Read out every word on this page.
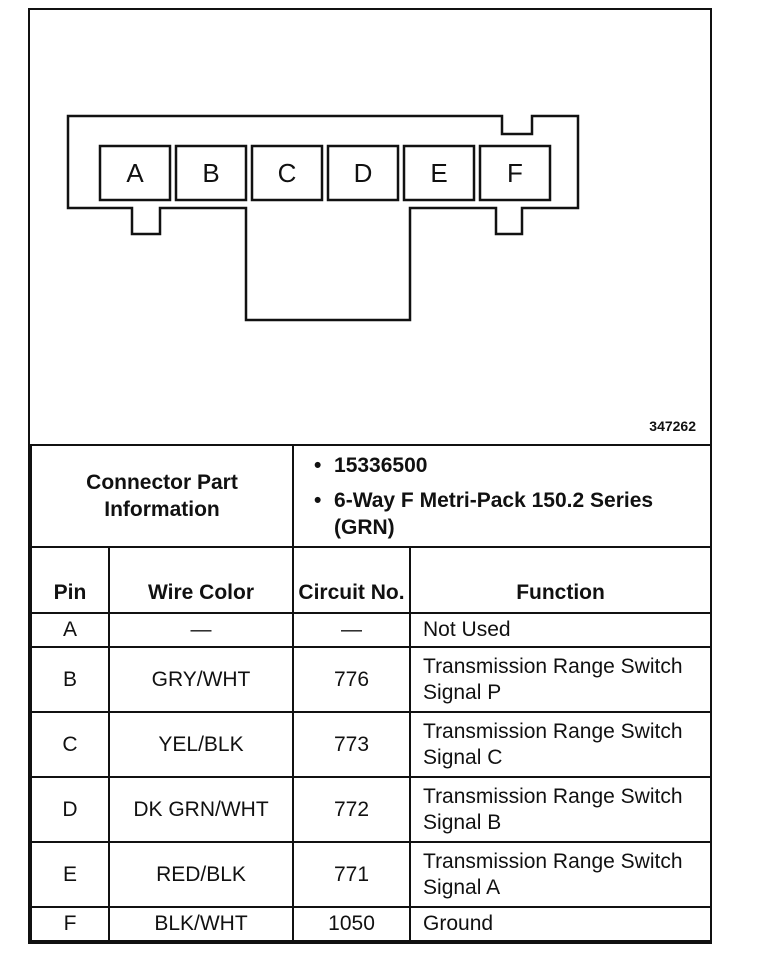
A B C D E F
347262
Connector Part Information		• 15336500
• 6-Way F Metri-Pack 150.2 Series (GRN)	

Pin	Wire Color	Circuit No.	Function
A	—	—	Not Used
B	GRY/WHT	776	Transmission Range Switch Signal P
C	YEL/BLK	773	Transmission Range Switch Signal C
D	DK GRN/WHT	772	Transmission Range Switch Signal B
E	RED/BLK	771	Transmission Range Switch Signal A
F	BLK/WHT	1050	Ground
